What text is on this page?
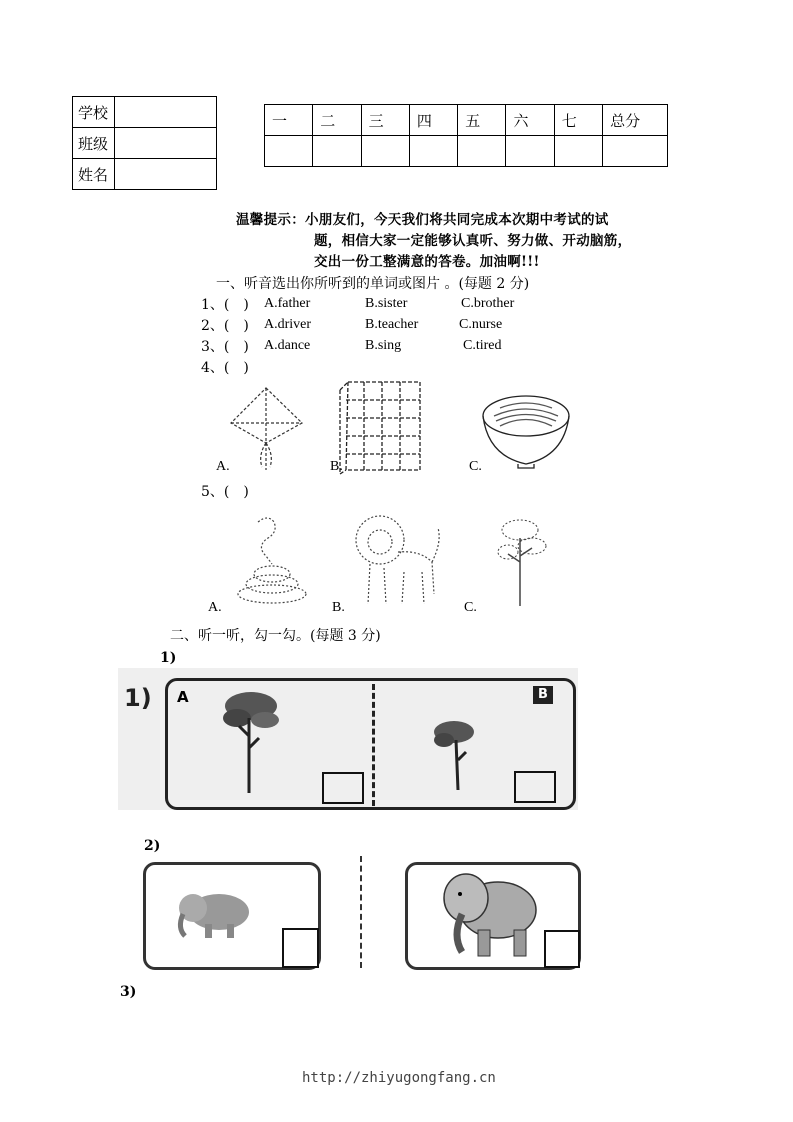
学校	
班级	
姓名	
一	二	三	四	五	六	七	总分

温馨提示：小朋友们，今天我们将共同完成本次期中考试的试
题，相信大家一定能够认真听、努力做、开动脑筋，
交出一份工整满意的答卷。加油啊!!!
一、听音选出你所听到的单词或图片 。(每题 2 分)
1、(　) A.father	B.sister	C.brother
2、(　) A.driver	B.teacher	C.nurse
3、(　) A.dance	B.sing	C.tired
4、(　)
A.	B.	C.
5、(　)
A.	B.	C.
二、听一听，勾一勾。(每题 3 分)
1)
1) A	B
2)
3)
http://zhiyugongfang.cn
